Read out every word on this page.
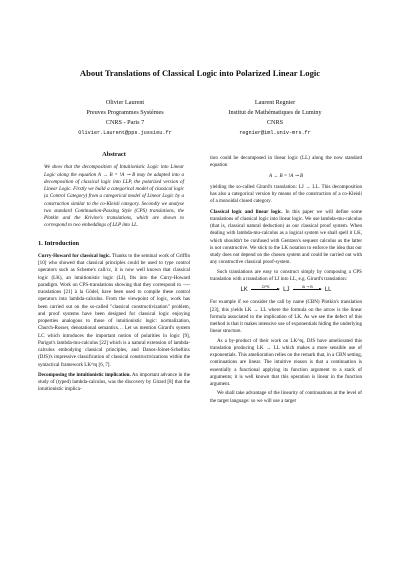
About Translations of Classical Logic into Polarized Linear Logic
Olivier Laurent
Preuves Programmes Systèmes
CNRS - Paris 7
Olivier.Laurent@pps.jussieu.fr
Laurent Regnier
Institut de Mathématiques de Luminy
CNRS
regnier@iml.univ-mrs.fr
Abstract

We show that the decomposition of Intuitionistic Logic into Linear Logic along the equation A → B = !A ⊸ B may be adapted into a decomposition of classical logic into LLP, the polarized version of Linear Logic. Firstly we build a categorical model of classical logic (a Control Category) from a categorical model of Linear Logic by a construction similar to the co-Kleisli category. Secondly we analyse two standard Continuation-Passing Style (CPS) translations, the Plotkin and the Krivine's translations, which are shown to correspond to two embeddings of LLP into LL.

1. Introduction

Curry-Howard for classical logic. Thanks to the seminal work of Griffin [10] who showed that classical principles could be used to type control operators such as Scheme's call/cc, it is now well known that classical logic (LK), an intuitionistic logic (LJ), fits into the Curry-Howard paradigm. Work on CPS-translations showing that they correspond to ¬¬-translations [21] à la Gödel, have been used to compile these control operators into lambda-calculus. From the viewpoint of logic, work has been carried out on the so-called "classical constructivization" problem, and proof systems have been designed for classical logic enjoying properties analogous to those of intuitionistic logic: normalization, Church-Rosser, denotational semantics… Let us mention Girard's system LC which introduces the important notion of polarities in logic [9], Parigot's lambda-mu-calculus [22] which is a natural extension of lambda-calculus embodying classical principles, and Danos-Joinet-Schellinx (DJS)'s impressive classification of classical constructivizations within the syntactical framework LK^tq [6, 7].

Decomposing the intuitionistic implication. An important advance in the study of (typed) lambda-calculus, was the discovery by Girard [8] that the intuitionistic implica-

tion could be decomposed in linear logic (LL) along the now standard equation

A → B = !A ⊸ B

yielding the so-called Girard's translation: LJ → LL. This decomposition has also a categorical version by means of the construction of a co-Kleisli of a monoidal closed category.

Classical logic and linear logic. In this paper we will define some translations of classical logic into linear logic. We use lambda-mu-calculus (that is, classical natural deduction) as our classical proof system. When dealing with lambda-mu-calculus as a logical system we shall spell it LK, which shouldn't be confused with Gentzen's sequent calculus as the latter is not constructive. We stick to the LK notation to enforce the idea that our study does not depend on the chosen system and could be carried out with any constructive classical proof-system.

Such translations are easy to construct simply by composing a CPS translation with a translation of LJ into LL, e.g. Girard's translation:

LK
CPS
LJ
!A ⊸ B
LL

For example if we consider the call by name (CBN) Plotkin's translation [23], this yields LK → LL where the formula on the arrow is the linear formula associated to the implication of LK. As we see the defect of this method is that it makes intensive use of exponentials hiding the underlying linear structure.

As a by-product of their work on LK^tq, DJS have ameliorated this translation producing LK → LL which makes a more sensible use of exponentials. This amelioration relies on the remark that, in a CBN setting, continuations are linear. The intuitive reason is that a continuation is essentially a functional applying its function argument to a stack of arguments; it is well known that this operation is linear in the function argument.

We shall take advantage of the linearity of continuations at the level of the target language: so we will use a target
